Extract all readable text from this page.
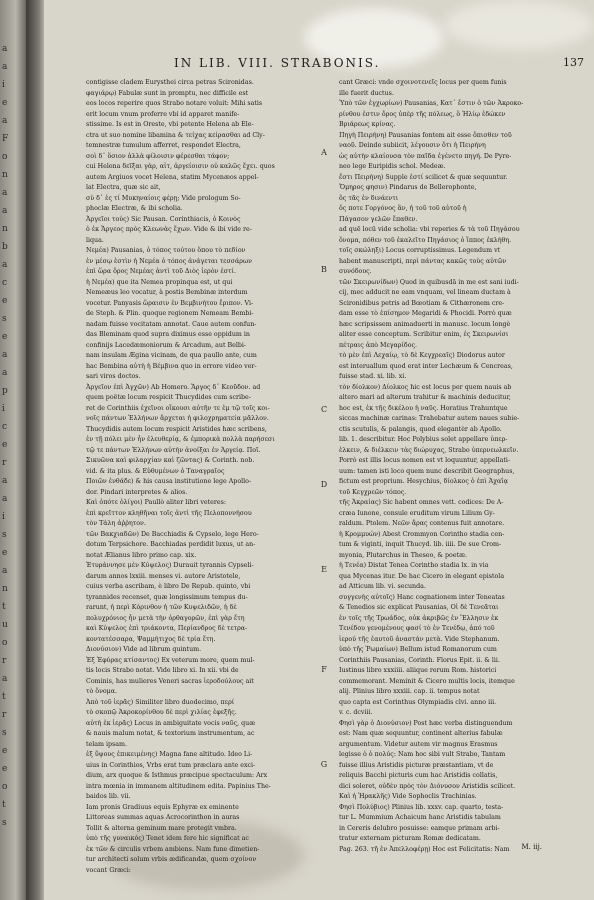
a
a
i
e
a
F
o
n
a
a
n
b
a
c
e
s
e
a
a
p
i
c
e
r
a
a
i
s
e
a
n
t
u
o
r
a
t
r
s
e
e
o
t
s
IN LIB. VIII. STRABONIS.	137

contigisse cladem Eurysthei circa petras Scironidas.

φαγιάρῳ) Fabulæ sunt in promptu, nec difficile est

eos locos reperire quos Strabo notare voluit: Mihi satis

erit locum vnum proferre vbi id apparet manife-

stissime. Is est in Oreste, vbi petente Helena ab Ele-

ctra ut suo nomine libamina & τείχας κείρασθαι ad Cly-

temnestræ tumulum afferret, respondet Electra,

σοὶ δ᾽ ὅσιον ἀλλὰ φίλοισιν φέρεσθαι τάφον;

cui Helena δεῖξαι γὰρ, αἰτ, ἀργείοισιν οὐ καλῶς ἔχει. quos

autem Argiuos vocet Helena, statim Mycenæos appel-

lat Electra, quæ sic ait,

σὺ δ᾽ ἐς τί Μυκηναίοις φέρῃ; Vide prologum So-

phoclæ Electræ, & ibi scholia.

Ἀργεῖοι τούς) Sic Pausan. Corinthiacis, ὁ Κοινὸς

ὁ ἐκ Ἄργεος πρὸς Κλεωνὰς ἔχων. Vide & ibi vide re-

liqua.

Νεμέα) Pausanias, ὁ τόπος τούτου ὅπου τὸ πεδίον

ἐν μέσῳ ἐστὶν ἡ Νεμέα ὁ τόπος ἀνάγεται τεσσάρων

ἐπὶ ὥρα ὄρος Νεμέας ἀντὶ τοῦ Διὸς ἱερὸν ἐστί.

ἡ Νεμέα) que ita Nemea propinqua est, ut qui

Nemeæus leo vocatur, à postis Bembinæ interdum

vocetur. Panyasis ὥραισιν ἐν Βεμβινήτου ἔριπον. Vi-

de Steph. & Plin. quoque regionem Nemeam Bembi-

nadam fuisse vocitatam annotat. Caue autem confun-

das Bleminam quod supra diximus esse oppidum in

confinijs Lacedæmoniorum & Arcadum, aut Belbi-

nam insulam Ægina vicinam, de qua paullo ante, cum

hac Bembina αὐτὴ ἡ Βέμβινα quo in errore video ver-

sari viros doctos.

Ἀργεῖον ἐπὶ Ἀγχῶν) Ab Homero. Ἄργος δ᾽ Κεοῦδον. ad

quem poëtæ locum respicit Thucydides cum scribe-

ret de Corinthiis ἐχεῖνοι οἴκουσι αὐτῆν τε ἐμ τῷ τοῖς κοι-

νοῖς πάντων Ἑλλήνων ἄρχεται ἡ φιλοχρηματεία μᾶλλον.

Thucydidis autem locum respicit Aristides hæc scribens,

ἐν τῇ πόλει μὲν ἦν ἐλευθερίᾳ, & ἐμπορικὰ πολλὰ παρήσεσι

τῷ τε πάντων Ἑλλήνων αὐτὴν ἀνοίξαι ἐν Ἀργείᾳ. Ποῖ.

Σικυῶνα καὶ φιλαρχίαν καὶ ζῶντας) & Corinth. nob.

vid. & ita plus. & Εὐθυμένων ὁ Ταναγραῖος

Ποιῶν ἐνθάδε) & his causa institutione lege Apollo-

dor. Pindari interpretes & alios.

Καὶ ὁπότε ὀλίγοι) Paullò aliter libri veteres:

ἐπὶ κρεῖττον κληθῆναι τοῖς ἀντὶ τῆς Πελοποννήσου

τὸν Τάλη ἀῤῥητον.

τῶν Βακχιαδῶν) De Bacchiadis & Cypselo, lege Hero-

dotum Terpsichore. Bacchiadas perdidit luxus, ut an-

notat Ælianus libro primo cap. xix.

Ἐτυράννησε μὲν Κύψελος) Durauit tyrannis Cypseli-

darum annos lxxiii. menses vi. autore Aristotele,

cuius verba ascribam, è libro De Repub. quinto, vbi

tyrannides recenset, quæ longissimum tempus du-

rarunt, ἡ περὶ Κόρινθον ἡ τῶν Κυψελιδῶν, ἡ δὲ

πολυχρόνιος ἦν μετὰ τὴν ὀρθαγορῶν, ἐπὶ γὰρ ἔτη

καὶ Κύψελος ἐπὶ τριάκοντα, Περίανδρος δὲ τετρα-

κοντατέσσαρα, Ψαμμήτιχος δὲ τρία ἔτη.

Διονύσιον) Vide ad librum quintum.

Ἐξ Ἐφύρας κτίσαντος) Ex veterum more, quem mul-

tis locis Strabo notat. Vide libro xi. In xii. vbi de

Cominis, has mulieres Veneri sacras ἱεροδούλους ait

τὸ ὄνομα.

Ἀπὸ τοῦ ἱερᾶς) Similiter libro duodecimo, περί

τὸ σκοπῷ Ἀκροκορίνθου δὲ περὶ χιλίας ἐφεξῆς.

αὐτὴ ἐκ ἱερᾶς) Locus in ambiguitate vocis ναῦς, quæ

& nauis malum notat, & textorium instrumentum, ac

telam ipsam.

ἐξ ὕψους ἐπικειμένης) Magna fane altitudo. Ideo Li-

uius in Corinthios, Vrbs erat tum præclara ante exci-

dium, arx quoque & Isthmus præcipue spectaculum: Arx

intra mœnia in immanem altitudinem edita. Papinius The-

baidos lib. vii.

Iam pronis Gradiuus equis Ephyræ ex eminente

Littoreas summas aquas Acrocorinthon in auras

Tollit & alterna geminum mare protegit vmbra.

ὑπὸ τῆς γυναικός) Tenet idem fere hic significat ac

ἐκ τῶν & circulis vrbem ambiens. Nam fune dimetien-

tur architecti solum vrbis ædificandæ, quem σχοίνον

vocant Græci:

cant Græci: vnde σχοινοτενεῖς locus per quem funis

ille fuerit ductus.

Ὑπὸ τῶν ἐγχωρίων) Pausanias, Κατ᾽ ἔστιν ὁ τῶν Ἀκροκο-

ρίνθου ἐστιν ὄρος ὑπὲρ τῆς πόλεως, ὃ Ἡλίῳ ἐδώκεν

Βριάρεως κρίνας.

Πηγὴ Πειρήνη) Pausanias fontem ait esse ὄπισθεν τοῦ

ναοῦ. Deinde subiicit, λέγουσιν ὅτι ἡ Πειρήνη

ὡς αὐτὴν κλαίουσα τὸν παῖδα ἐγένετο πηγή. De Pyre-

neo lege Euripidis schol. Medeæ.

ἔστι Πειρήνη) Supple ἐστί scilicet & quæ sequuntur.

Ὅμηρος φησιν) Pindarus de Bellerophonte,

ὃς τᾶς ἐν δινάεντι

ὅς ποτε Γοργόνος ἂν, ἡ τοῦ τοῦ αὐτοῦ ἡ

Πάγασον γελῶν ἔπαθεν.

ad quē locū vide scholia: vbi reperies & τὰ τοῦ Πηγάσου

ὅνομα, πόθεν τοῦ ἐκαλεῖτο Πηγάσιος ὁ ἵππος ἐκλήθη.

τοῖς σκώληξι) Locus corruptissimus. Legendum vt

habent manuscripti, περὶ πάντας κακῶς τοὺς αὐτῶν

συνόδους.

τῶν Σκειρωνίδων) Quod in quibusdā in me est sani iudi-

cij, mec adducit ne eam vnquam, vel lineam ductam à

Scironidibus petris ad Bœotiam & Cithæronem cre-

dam esse τὸ ἐπίσημον Megaridi & Phocidi. Porrò quæ

hæc scripsissem animaduerti in manusc. locum longè

aliter esse conceptum. Scribitur enim, ἐς Σκειρωνίσι

πέτραις ἀπὸ Μεγαρίδος.

τὸ μὲν ἐπὶ Λεχαίῳ, τὸ δὲ Κεγχρεαῖς) Diodorus autor

est interuallum quod erat inter Lechæum & Cencreas,

fuisse stad. xi. lib. xi.

τὸν δίολκον) Δίολκος hic est locus per quem nauis ab

altero mari ad alterum trahitur & machinis deducitur,

hoc est, ἐκ τῆς δικέλου ἡ ναῦς. Horatius Trahuntque

siccas machinæ carinas: Trahebatur autem naues subie-

ctis scutulis, & palangis, quod elegantèr ab Apollo.

lib. 1. describitur. Hoc Polybius solet appellare ὑπερ-

ἑλκειν, & διέλκειν τὰς διώρυχας, Strabo ὑπερνεωλκεῖν.

Porrò est illis locus nomen est vt loquuntur, appellati-

uum: tamen isti loco quem nunc describit Geographus,

fictum est proprium. Hesychius, δίολκος ὁ ἐπὶ Ἀχαΐᾳ

τοῦ Κεγχρεῶν τόπος.

τῆς Ἀκραίας) Sic habent omnes vett. codices: De A-

cræa Iunone, consule eruditum virum Lilium Gy-

raldum. Ptolem. Νεῶν ἅρας contenus fuit annotare.

ἡ Κρομμυών) Abest Crommyon Corintho stadia cen-

tum & viginti, inquit Thucyd. lib. iiii. De sue Crom-

myonia, Plutarchus in Theseo, & poetæ.

ἡ Τενέα) Distat Tenea Corintho stadia lx. in via

qua Mycenas itur. De hac Cicero in elegant epistola

ad Atticum lib. vi. secunda.

συγγενὴς αὐτοῖς) Hanc cognationem inter Teneatas

& Tenedios sic explicat Pausanias, Οἱ δὲ Τενεᾶται

ἐν τοῖς τῆς Τρωάδος, οὐκ ἀκριβῶς ἐν Ἕλλησιν ἐκ

Τενέδου γενομένους φασί τὸ ἐν Τενέδῳ, ἀπό τοῦ

ἰερού τῆς ἑαυτοῦ ἀναστάν μετὰ. Vide Stephanum.

ὑπὸ τῆς Ῥωμαίων) Bellum istud Romanorum cum

Corinthiis Pausanias, Corinth. Florus Epit. ii. & lii.

Iustinus libro xxxiiii. aliique rerum Rom. historici

commemorant. Meminit & Cicero multis locis, itemque

alij. Plinius libro xxxiii. cap. ii. tempus notat

quo capta est Corinthus Olympiadis clvi. anno iii.

v. c. dcviii.

Φησὶ γὰρ ὁ Διονύσιον) Post hæc verba distinguendum

est: Nam quæ sequuntur, continent alterius fabulæ

argumentum. Videtur autem vir magnus Erasmus

legisse ὁ ὁ πολύς: Nam hoc sibi vult Strabo, Tantam

fuisse illius Aristidis picturæ præstantiam, vt de

reliquis Bacchi picturis cum hac Aristidis collatis,

dici soleret, οὐδὲν πρὸς τὸν Διόνυσον Aristidis scilicet.

Καὶ ἡ Ἡρακλῆς) Vide Sophoclis Trachinias.

Φησὶ Πολύβιος) Plinius lib. xxxv. cap. quarto, testa-

tur L. Mummium Achaicum hanc Aristidis tabulam

in Cereris delubro posuisse: eamque primam arbi-

tratur externam picturam Romæ dedicatam.

Pag. 263. τῆ ἐν Ἀπελλοφέρῃ) Hoc est Felicitatis: Nam

A
B
C
D
E
F
G
M. iij.
